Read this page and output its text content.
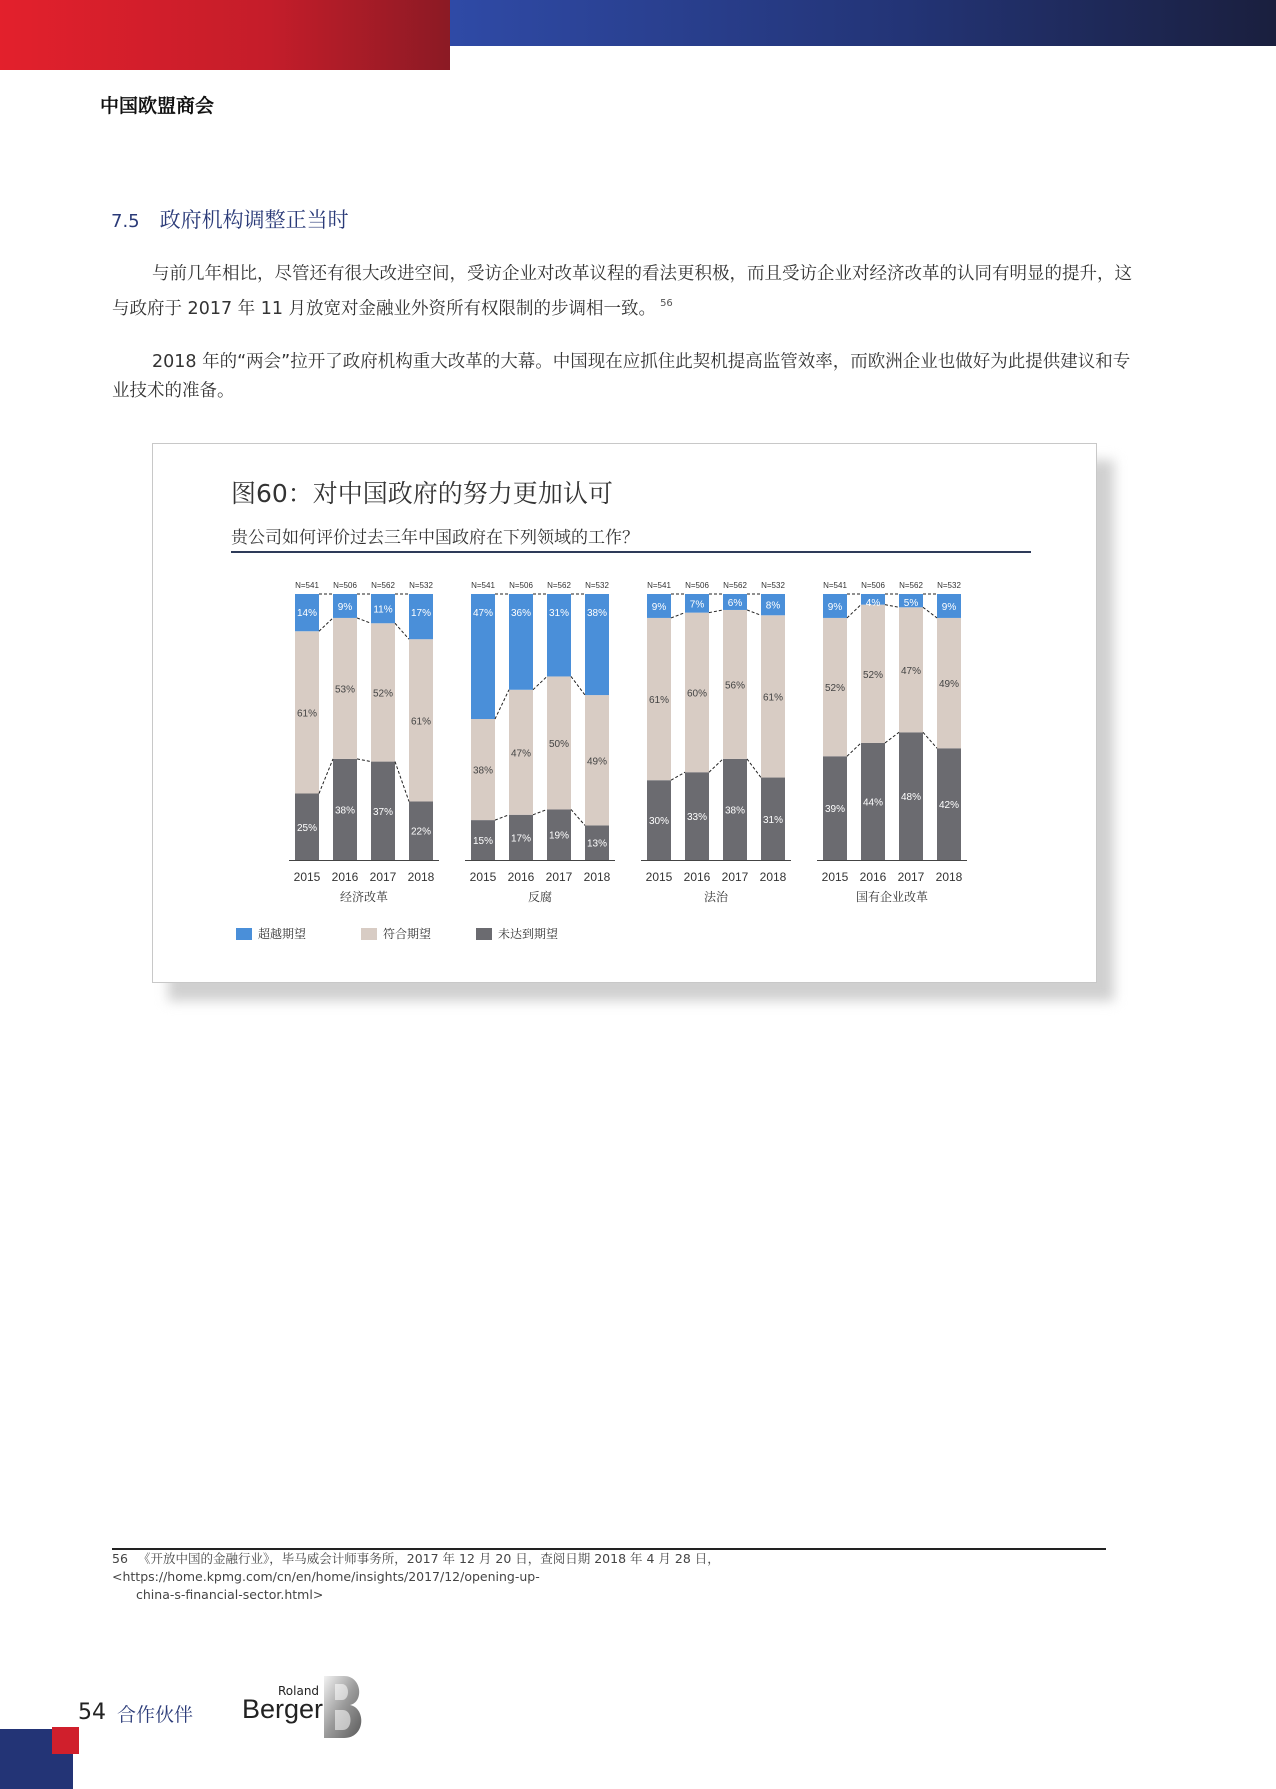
中国欧盟商会
7.5 政府机构调整正当时

与前几年相比，尽管还有很大改进空间，受访企业对改革议程的看法更积极，而且受访企业对经济改革的认同有明显的提升，这与政府于 2017 年 11 月放宽对金融业外资所有权限制的步调相一致。 $^{56}$

2018 年的“两会”拉开了政府机构重大改革的大幕。中国现在应抓住此契机提高监管效率，而欧洲企业也做好为此提供建议和专业技术的准备。

图60：对中国政府的努力更加认可
贵公司如何评价过去三年中国政府在下列领域的工作？
25%
61%
14%
N=541
2015
38%
53%
9%
N=506
2016
37%
52%
11%
N=562
2017
22%
61%
17%
N=532
2018
经济改革
15%
38%
47%
N=541
2015
17%
47%
36%
N=506
2016
19%
50%
31%
N=562
2017
13%
49%
38%
N=532
2018
反腐
30%
61%
9%
N=541
2015
33%
60%
7%
N=506
2016
38%
56%
6%
N=562
2017
31%
61%
8%
N=532
2018
法治
39%
52%
9%
N=541
2015
44%
52%
4%
N=506
2016
48%
47%
5%
N=562
2017
42%
49%
9%
N=532
2018
国有企业改革
超越期望	符合期望	未达到期望
56 《开放中国的金融行业》，毕马威会计师事务所，2017 年 12 月 20 日，查阅日期 2018 年 4 月 28 日，<https://home.kpmg.com/cn/en/home/insights/2017/12/opening-up-
china-s-financial-sector.html>
54 合作伙伴
Roland
Berger
